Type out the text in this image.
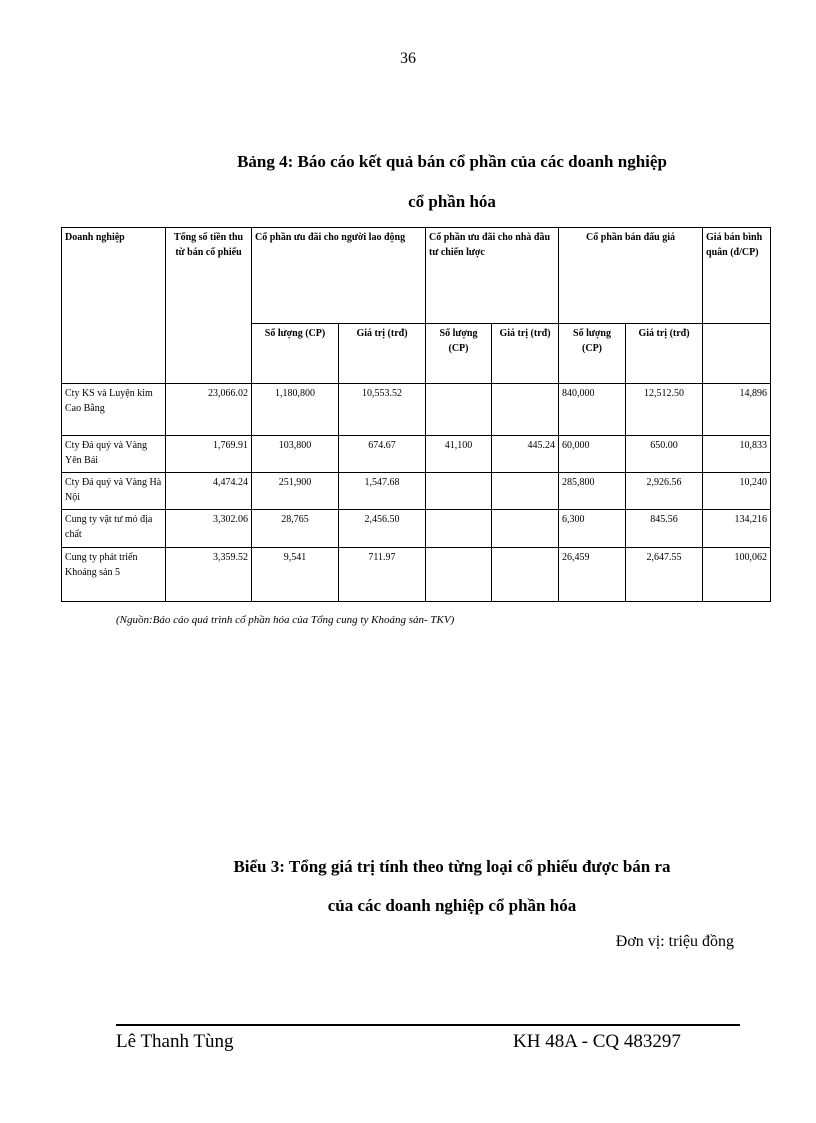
36
Bảng 4: Báo cáo kết quả bán cổ phần của các doanh nghiệp
cổ phần hóa
Doanh nghiệp	Tổng số tiền thu từ bán cổ phiếu	Cổ phần ưu đãi cho người lao động		Cổ phần ưu đãi cho nhà đầu tư chiến lược		Cổ phần bán đấu giá		Giá bán bình quân (đ/CP)
		Số lượng (CP)	Giá trị (trđ)	Số lượng (CP)	Giá trị (trđ)	Số lượng (CP)	Giá trị (trđ)	
Cty KS và Luyện kim Cao Bằng	23,066.02	1,180,800	10,553.52			840,000	12,512.50	14,896
Cty Đá quý và Vàng Yên Bái	1,769.91	103,800	674.67	41,100	445.24	60,000	650.00	10,833
Cty Đá quý và Vàng Hà Nội	4,474.24	251,900	1,547.68			285,800	2,926.56	10,240
Cung ty vật tư mỏ địa chất	3,302.06	28,765	2,456.50			6,300	845.56	134,216
Cung ty phát triển Khoáng sản 5	3,359.52	9,541	711.97			26,459	2,647.55	100,062
(Nguồn:Báo cáo quá trình cổ phần hóa của Tổng cung ty Khoáng sản- TKV)
Biểu 3: Tổng giá trị tính theo từng loại cổ phiếu được bán ra
của các doanh nghiệp cổ phần hóa
Đơn vị: triệu đồng
Lê Thanh Tùng	KH 48A - CQ 483297
